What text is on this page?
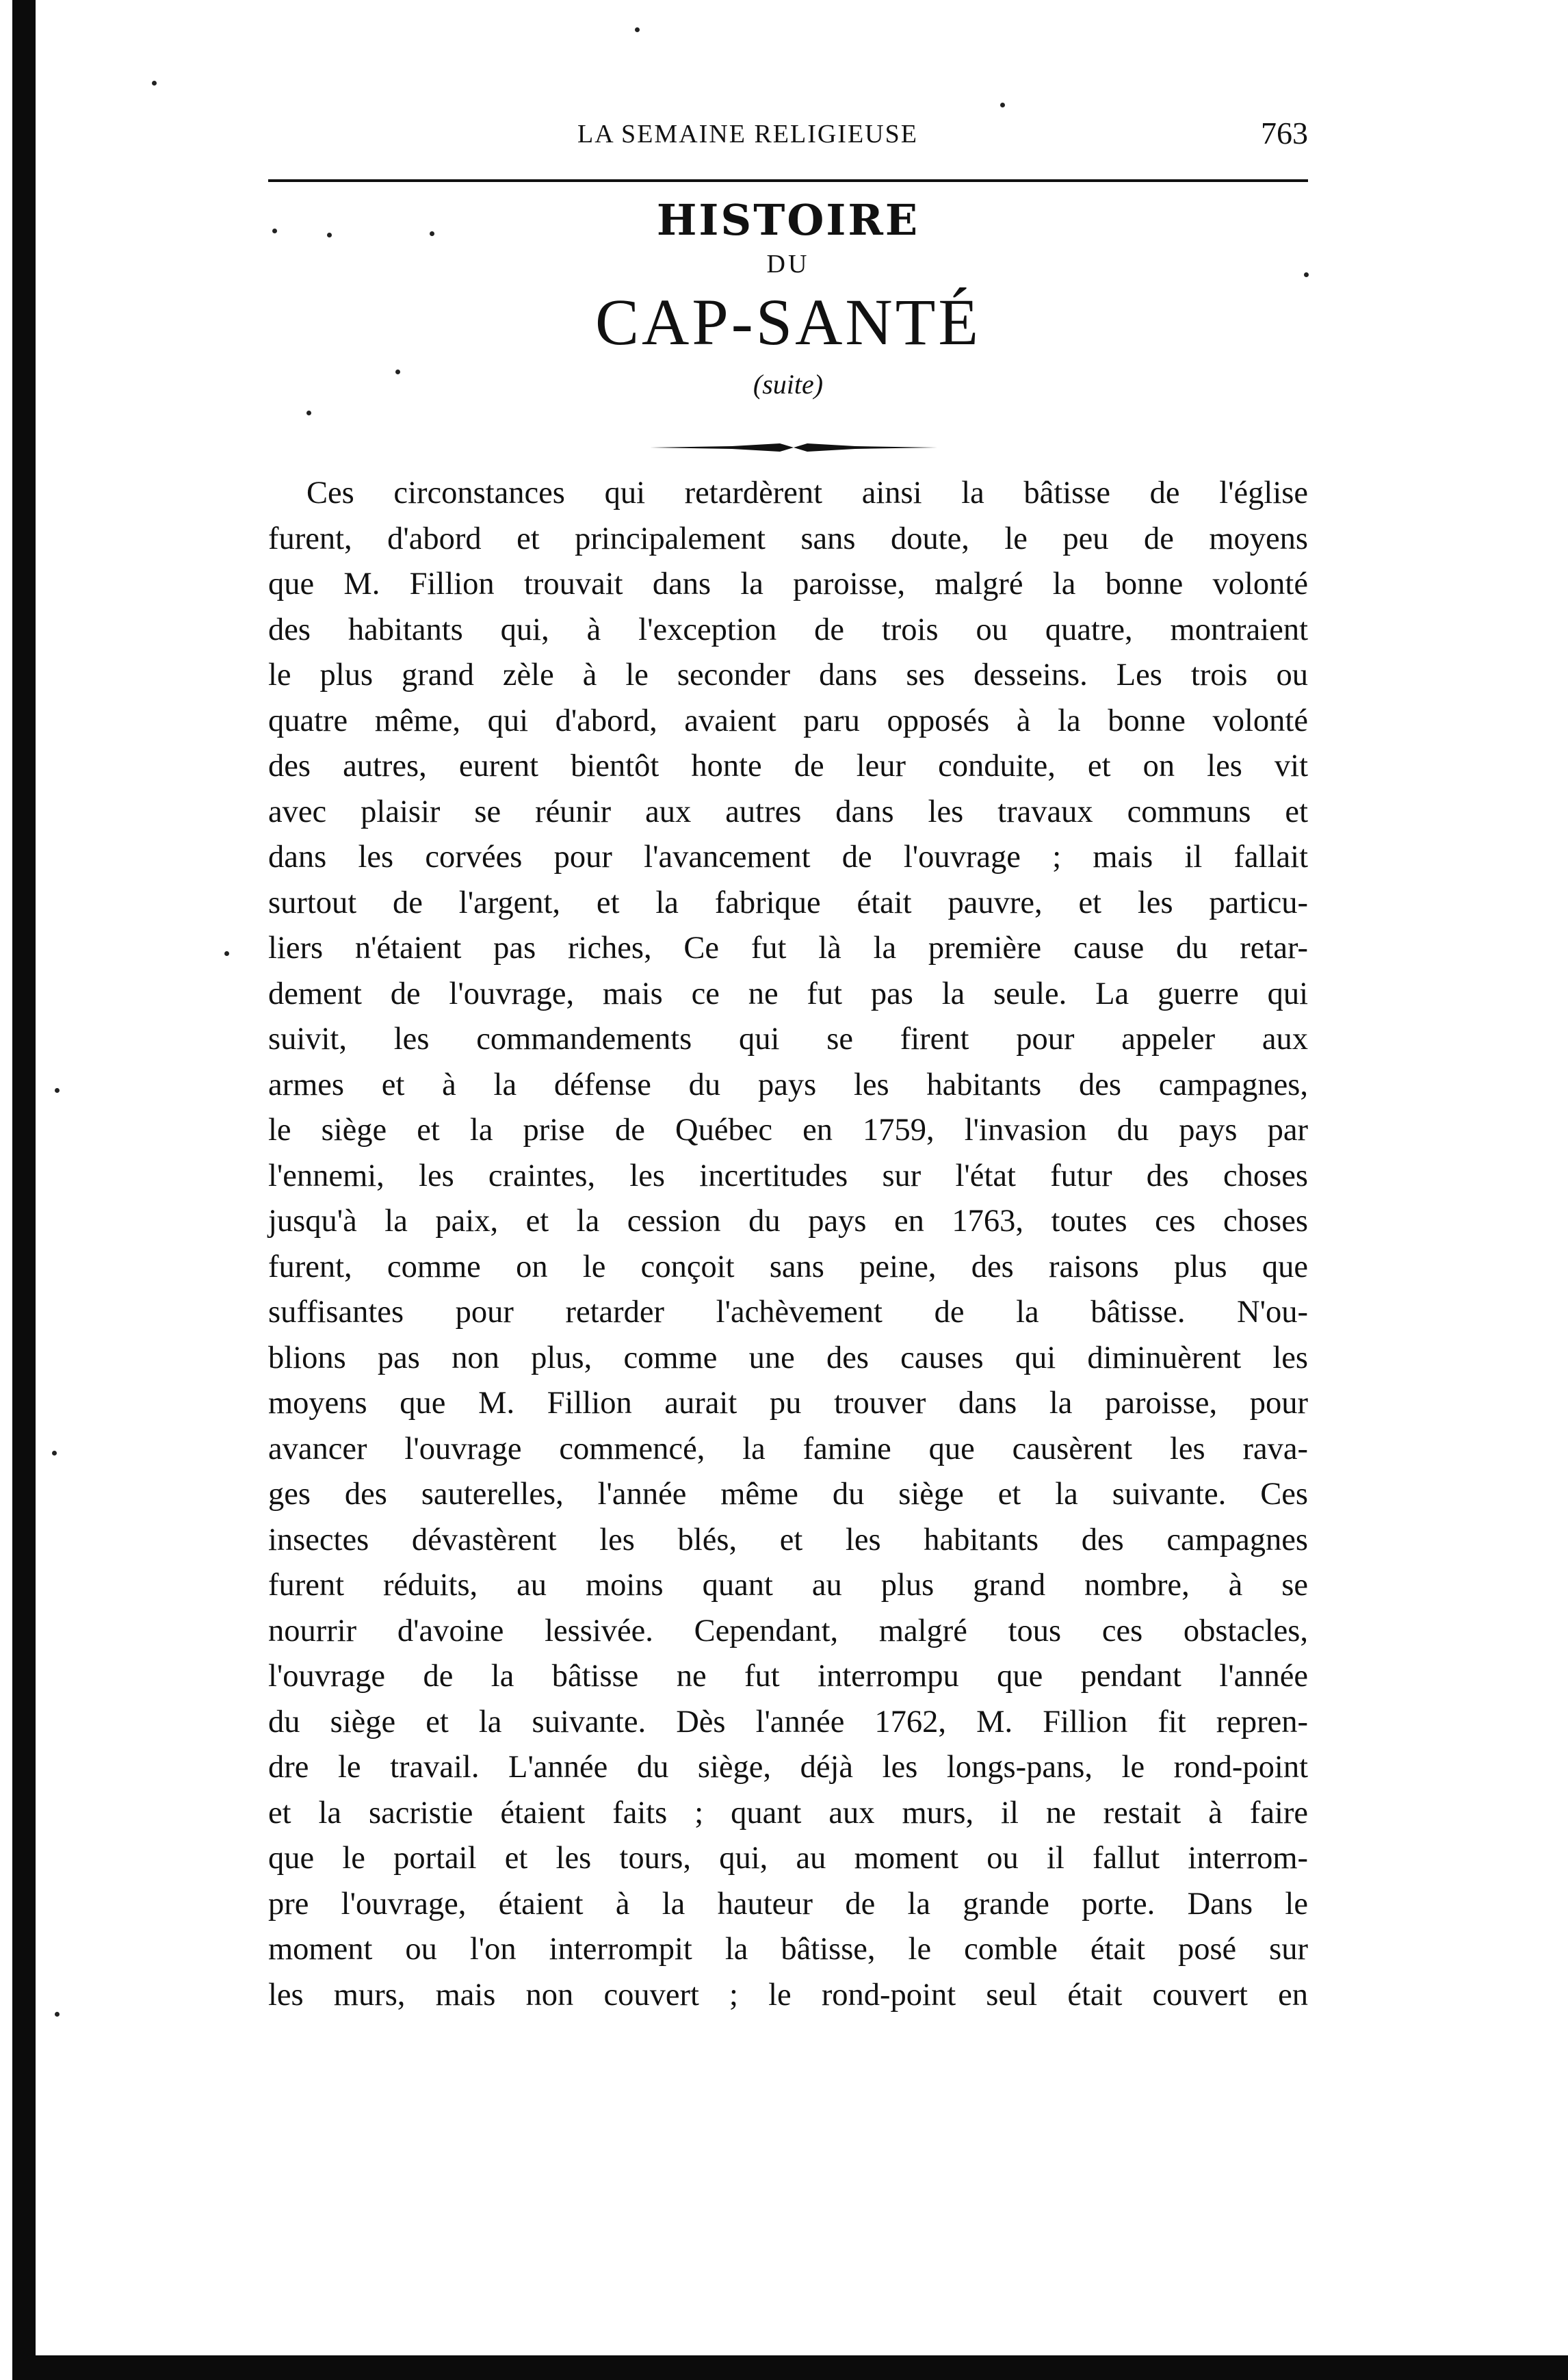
LA SEMAINE RELIGIEUSE	763
HISTOIRE
DU
CAP-SANTÉ
(suite)
Ces circonstances qui retardèrent ainsi la bâtisse de l'église
furent, d'abord et principalement sans doute, le peu de moyens
que M. Fillion trouvait dans la paroisse, malgré la bonne volonté
des habitants qui, à l'exception de trois ou quatre, montraient
le plus grand zèle à le seconder dans ses desseins. Les trois ou
quatre même, qui d'abord, avaient paru opposés à la bonne volonté
des autres, eurent bientôt honte de leur conduite, et on les vit
avec plaisir se réunir aux autres dans les travaux communs et
dans les corvées pour l'avancement de l'ouvrage ; mais il fallait
surtout de l'argent, et la fabrique était pauvre, et les particu-
liers n'étaient pas riches, Ce fut là la première cause du retar-
dement de l'ouvrage, mais ce ne fut pas la seule. La guerre qui
suivit, les commandements qui se firent pour appeler aux
armes et à la défense du pays les habitants des campagnes,
le siège et la prise de Québec en 1759, l'invasion du pays par
l'ennemi, les craintes, les incertitudes sur l'état futur des choses
jusqu'à la paix, et la cession du pays en 1763, toutes ces choses
furent, comme on le conçoit sans peine, des raisons plus que
suffisantes pour retarder l'achèvement de la bâtisse. N'ou-
blions pas non plus, comme une des causes qui diminuèrent les
moyens que M. Fillion aurait pu trouver dans la paroisse, pour
avancer l'ouvrage commencé, la famine que causèrent les rava-
ges des sauterelles, l'année même du siège et la suivante. Ces
insectes dévastèrent les blés, et les habitants des campagnes
furent réduits, au moins quant au plus grand nombre, à se
nourrir d'avoine lessivée. Cependant, malgré tous ces obstacles,
l'ouvrage de la bâtisse ne fut interrompu que pendant l'année
du siège et la suivante. Dès l'année 1762, M. Fillion fit repren-
dre le travail. L'année du siège, déjà les longs-pans, le rond-point
et la sacristie étaient faits ; quant aux murs, il ne restait à faire
que le portail et les tours, qui, au moment ou il fallut interrom-
pre l'ouvrage, étaient à la hauteur de la grande porte. Dans le
moment ou l'on interrompit la bâtisse, le comble était posé sur
les murs, mais non couvert ; le rond-point seul était couvert en
